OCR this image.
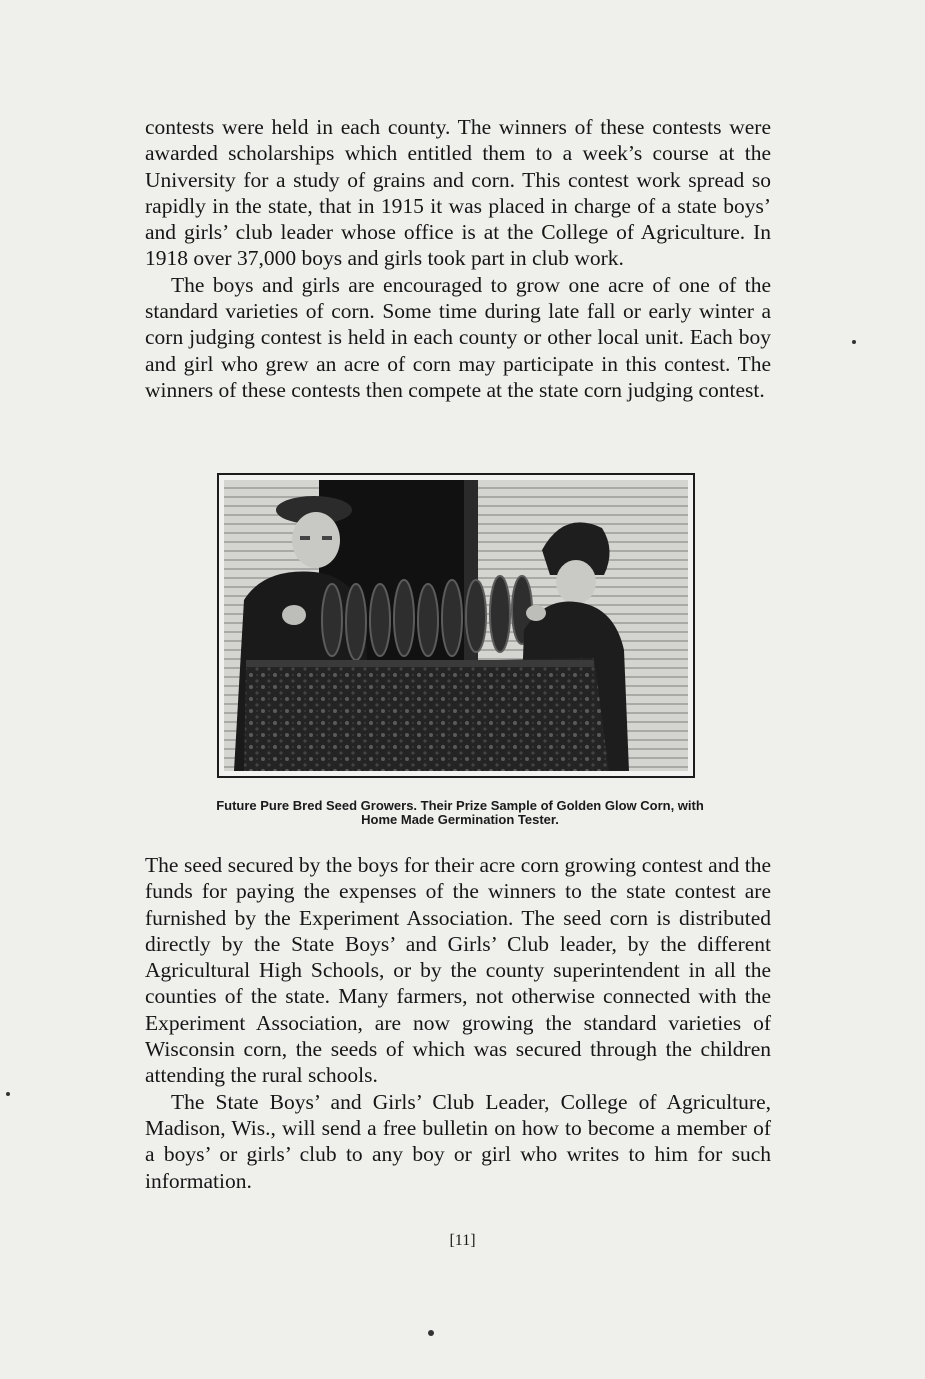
contests were held in each county. The winners of these contests were awarded scholarships which entitled them to a week’s course at the University for a study of grains and corn. This contest work spread so rapidly in the state, that in 1915 it was placed in charge of a state boys’ and girls’ club leader whose office is at the College of Agriculture. In 1918 over 37,000 boys and girls took part in club work.

The boys and girls are encouraged to grow one acre of one of the standard varieties of corn. Some time during late fall or early winter a corn judging contest is held in each county or other local unit. Each boy and girl who grew an acre of corn may participate in this contest. The winners of these contests then compete at the state corn judging contest.

Future Pure Bred Seed Growers. Their Prize Sample of Golden Glow Corn, with
Home Made Germination Tester.

The seed secured by the boys for their acre corn growing contest and the funds for paying the expenses of the winners to the state contest are furnished by the Experiment Association. The seed corn is distributed directly by the State Boys’ and Girls’ Club leader, by the different Agricultural High Schools, or by the county superintendent in all the counties of the state. Many farmers, not otherwise connected with the Experiment Association, are now growing the standard varieties of Wisconsin corn, the seeds of which was secured through the children attending the rural schools.

The State Boys’ and Girls’ Club Leader, College of Agriculture, Madison, Wis., will send a free bulletin on how to become a member of a boys’ or girls’ club to any boy or girl who writes to him for such information.

[11]
